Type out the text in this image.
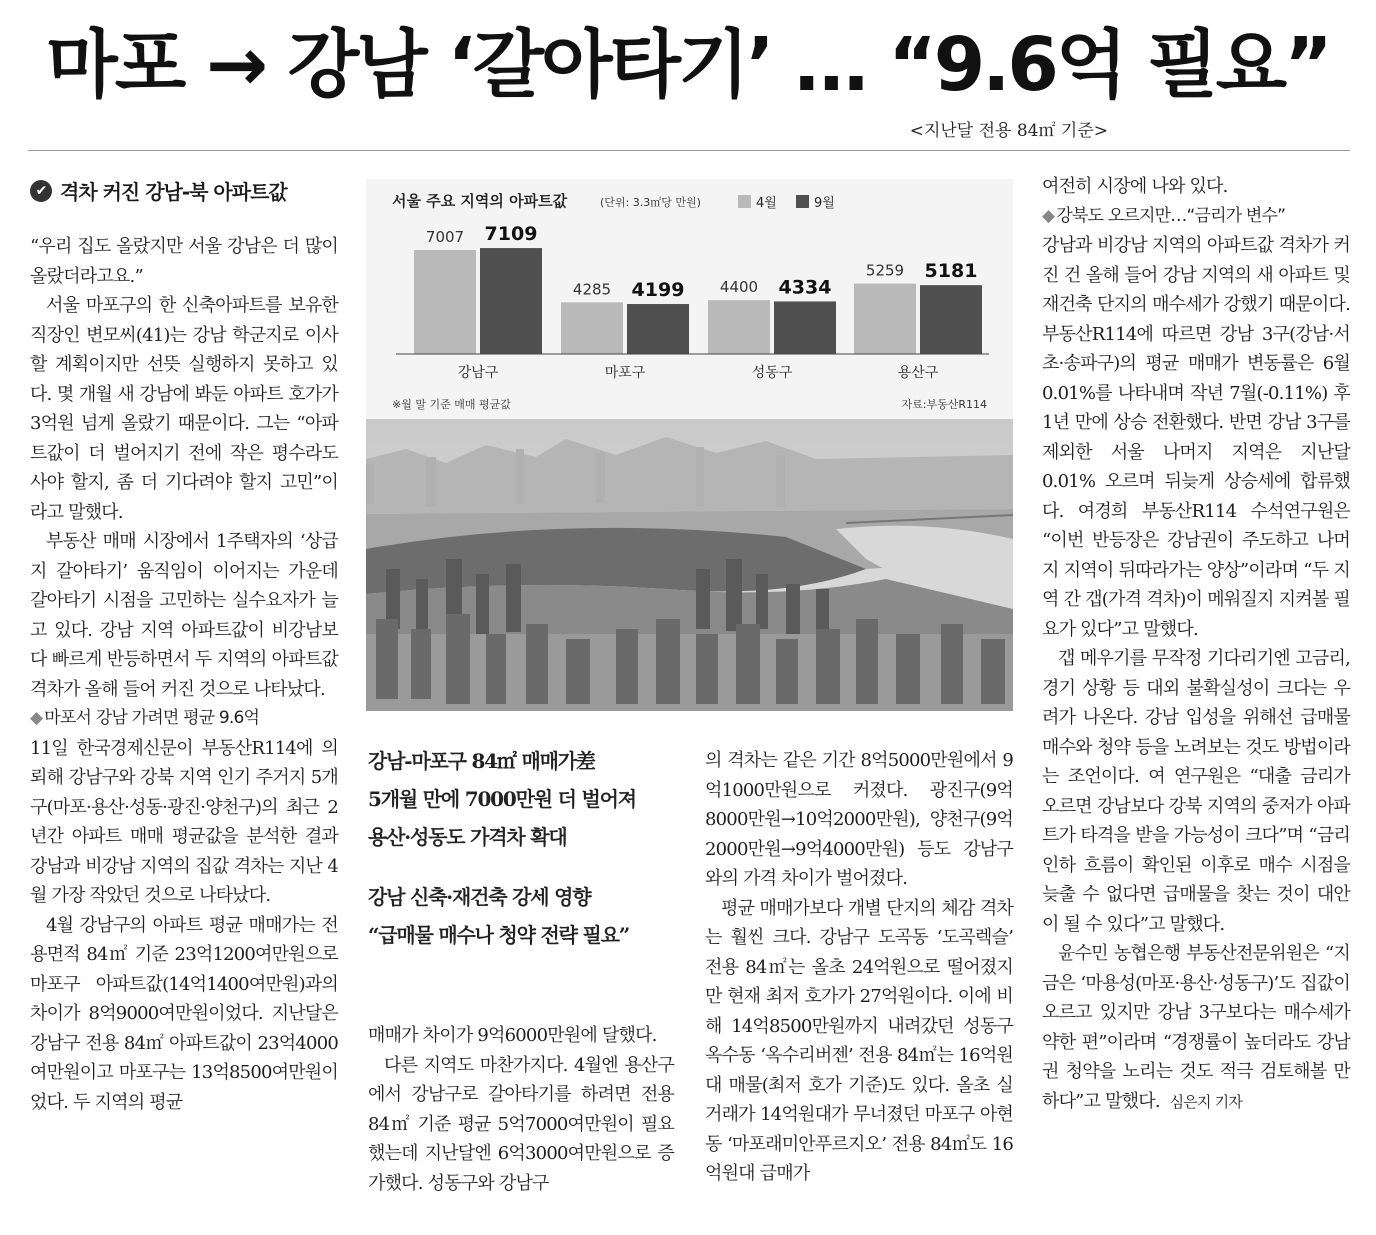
마포 → 강남 ‘갈아타기’ … “9.6억 필요”
<지난달 전용 84㎡ 기준>
✔ 격차 커진 강남-북 아파트값

“우리 집도 올랐지만 서울 강남은 더 많이 올랐더라고요.”

서울 마포구의 한 신축아파트를 보유한 직장인 변모씨(41)는 강남 학군지로 이사할 계획이지만 선뜻 실행하지 못하고 있다. 몇 개월 새 강남에 봐둔 아파트 호가가 3억원 넘게 올랐기 때문이다. 그는 “아파트값이 더 벌어지기 전에 작은 평수라도 사야 할지, 좀 더 기다려야 할지 고민”이라고 말했다.

부동산 매매 시장에서 1주택자의 ‘상급지 갈아타기’ 움직임이 이어지는 가운데 갈아타기 시점을 고민하는 실수요자가 늘고 있다. 강남 지역 아파트값이 비강남보다 빠르게 반등하면서 두 지역의 아파트값 격차가 올해 들어 커진 것으로 나타났다.

◆ 마포서 강남 가려면 평균 9.6억

11일 한국경제신문이 부동산R114에 의뢰해 강남구와 강북 지역 인기 주거지 5개 구(마포·용산·성동·광진·양천구)의 최근 2년간 아파트 매매 평균값을 분석한 결과 강남과 비강남 지역의 집값 격차는 지난 4월 가장 작았던 것으로 나타났다.

4월 강남구의 아파트 평균 매매가는 전용면적 84㎡ 기준 23억1200여만원으로 마포구 아파트값(14억1400여만원)과의 차이가 8억9000여만원이었다. 지난달은 강남구 전용 84㎡ 아파트값이 23억4000여만원이고 마포구는 13억8500여만원이었다. 두 지역의 평균

서울 주요 지역의 아파트값	(단위: 3.3㎡당 만원)	4월	9월
7007 7109
4285 4199 4400 4334
5259 5181
강남구	마포구	성동구	용산구
※월 말 기준 매매 평균값	자료:부동산R114
강남-마포구 84㎡ 매매가差
5개월 만에 7000만원 더 벌어져
용산·성동도 가격차 확대
강남 신축·재건축 강세 영향
“급매물 매수나 청약 전략 필요”

매매가 차이가 9억6000만원에 달했다.

다른 지역도 마찬가지다. 4월엔 용산구에서 강남구로 갈아타기를 하려면 전용 84㎡ 기준 평균 5억7000여만원이 필요했는데 지난달엔 6억3000여만원으로 증가했다. 성동구와 강남구

의 격차는 같은 기간 8억5000만원에서 9억1000만원으로 커졌다. 광진구(9억8000만원→10억2000만원), 양천구(9억2000만원→9억4000만원) 등도 강남구와의 가격 차이가 벌어졌다.

평균 매매가보다 개별 단지의 체감 격차는 훨씬 크다. 강남구 도곡동 ‘도곡렉슬’ 전용 84㎡는 올초 24억원으로 떨어졌지만 현재 최저 호가가 27억원이다. 이에 비해 14억8500만원까지 내려갔던 성동구 옥수동 ‘옥수리버젠’ 전용 84㎡는 16억원대 매물(최저 호가 기준)도 있다. 올초 실거래가 14억원대가 무너졌던 마포구 아현동 ‘마포래미안푸르지오’ 전용 84㎡도 16억원대 급매가

여전히 시장에 나와 있다.

◆ 강북도 오르지만…“금리가 변수”

강남과 비강남 지역의 아파트값 격차가 커진 건 올해 들어 강남 지역의 새 아파트 및 재건축 단지의 매수세가 강했기 때문이다. 부동산R114에 따르면 강남 3구(강남·서초·송파구)의 평균 매매가 변동률은 6월 0.01%를 나타내며 작년 7월(-0.11%) 후 1년 만에 상승 전환했다. 반면 강남 3구를 제외한 서울 나머지 지역은 지난달 0.01% 오르며 뒤늦게 상승세에 합류했다. 여경희 부동산R114 수석연구원은 “이번 반등장은 강남권이 주도하고 나머지 지역이 뒤따라가는 양상”이라며 “두 지역 간 갭(가격 격차)이 메워질지 지켜볼 필요가 있다”고 말했다.

갭 메우기를 무작정 기다리기엔 고금리, 경기 상황 등 대외 불확실성이 크다는 우려가 나온다. 강남 입성을 위해선 급매물 매수와 청약 등을 노려보는 것도 방법이라는 조언이다. 여 연구원은 “대출 금리가 오르면 강남보다 강북 지역의 중저가 아파트가 타격을 받을 가능성이 크다”며 “금리 인하 흐름이 확인된 이후로 매수 시점을 늦출 수 없다면 급매물을 찾는 것이 대안이 될 수 있다”고 말했다.

윤수민 농협은행 부동산전문위원은 “지금은 ‘마용성(마포·용산·성동구)’도 집값이 오르고 있지만 강남 3구보다는 매수세가 약한 편”이라며 “경쟁률이 높더라도 강남권 청약을 노리는 것도 적극 검토해볼 만하다”고 말했다. 심은지 기자
